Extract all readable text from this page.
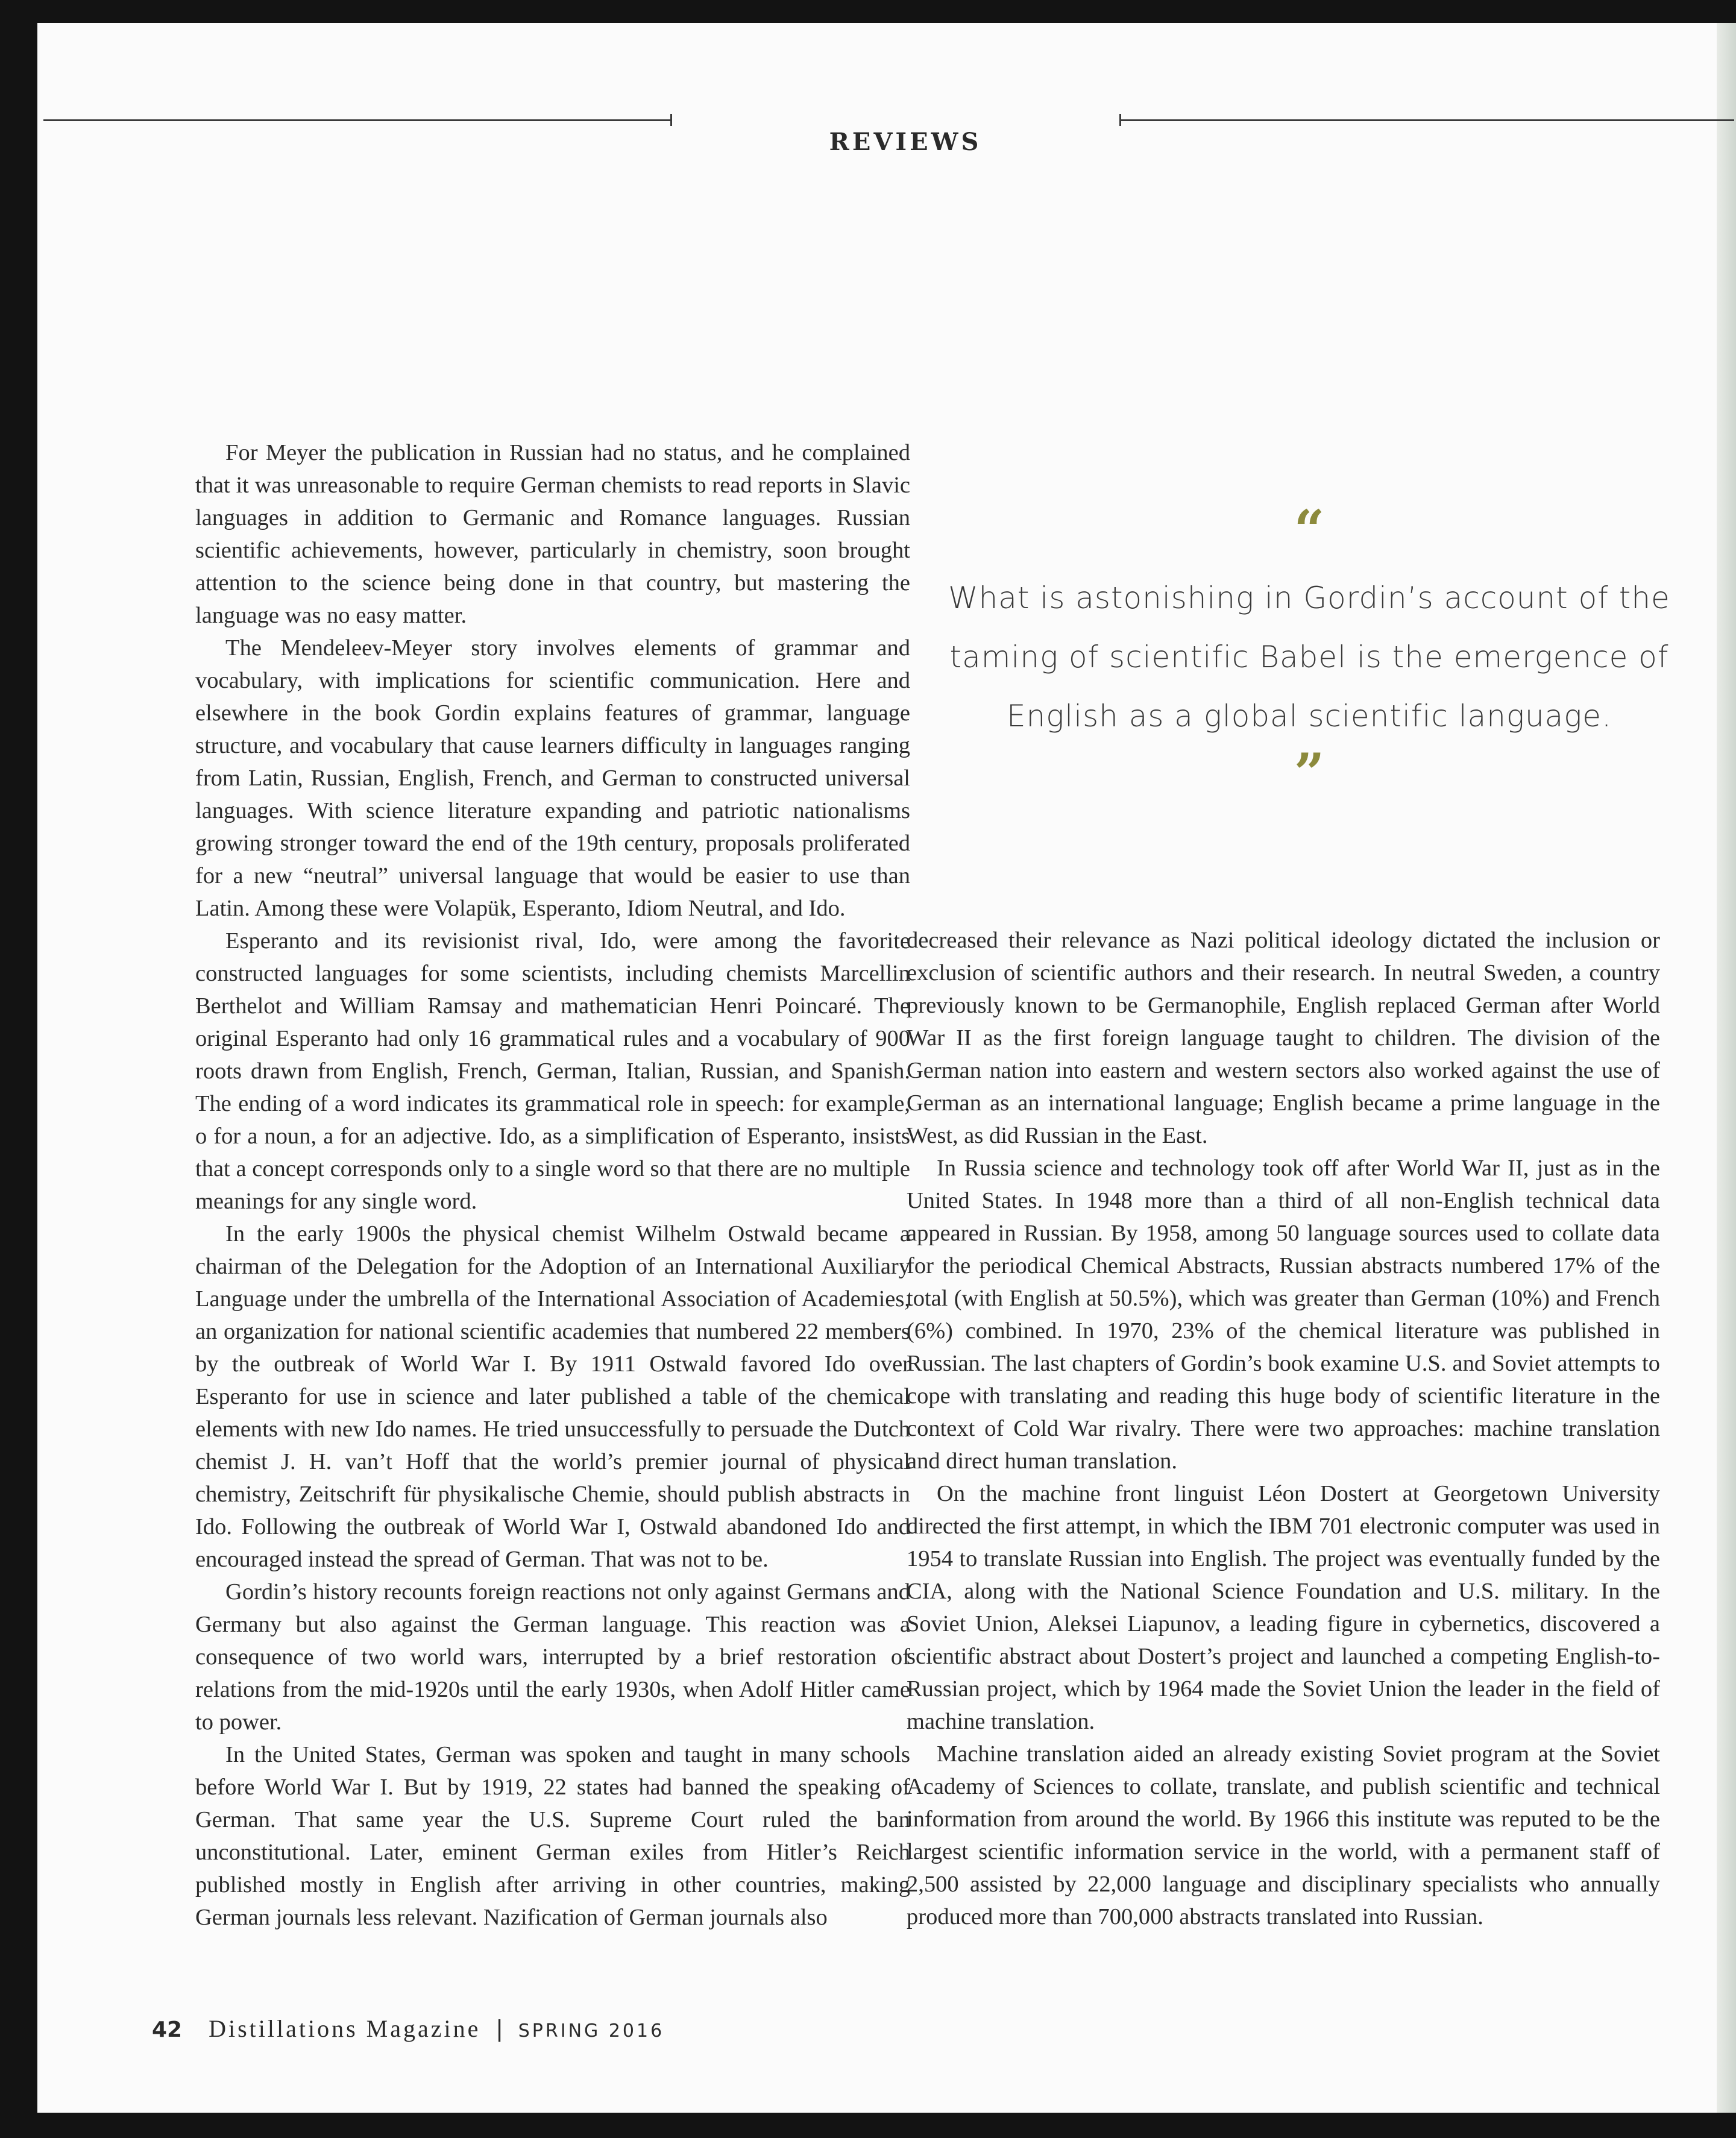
REVIEWS

For Meyer the publication in Russian had no status, and he complained that it was unreasonable to require German chemists to read reports in Slavic languages in addition to Germanic and Romance languages. Russian scientific achievements, however, particularly in chemistry, soon brought attention to the science being done in that country, but mastering the language was no easy matter.

The Mendeleev-Meyer story involves elements of grammar and vocabulary, with implications for scientific communication. Here and elsewhere in the book Gordin explains features of grammar, language structure, and vocabulary that cause learners difficulty in languages ranging from Latin, Russian, English, French, and German to constructed universal languages. With science literature expanding and patriotic nationalisms growing stronger toward the end of the 19th century, proposals proliferated for a new “neutral” universal language that would be easier to use than Latin. Among these were Volapük, Esperanto, Idiom Neutral, and Ido.

Esperanto and its revisionist rival, Ido, were among the favorite constructed languages for some scientists, including chemists Marcellin Berthelot and William Ramsay and mathematician Henri Poincaré. The original Esperanto had only 16 grammatical rules and a vocabulary of 900 roots drawn from English, French, German, Italian, Russian, and Spanish. The ending of a word indicates its grammatical role in speech: for example, o for a noun, a for an adjective. Ido, as a simplification of Esperanto, insists that a concept corresponds only to a single word so that there are no multiple meanings for any single word.

In the early 1900s the physical chemist Wilhelm Ostwald became a chairman of the Delegation for the Adoption of an International Auxiliary Language under the umbrella of the International Association of Academies, an organization for national scientific academies that numbered 22 members by the outbreak of World War I. By 1911 Ostwald favored Ido over Esperanto for use in science and later published a table of the chemical elements with new Ido names. He tried unsuccessfully to persuade the Dutch chemist J. H. van’t Hoff that the world’s premier journal of physical chemistry, Zeitschrift für physikalische Chemie, should publish abstracts in Ido. Following the outbreak of World War I, Ostwald abandoned Ido and encouraged instead the spread of German. That was not to be.

Gordin’s history recounts foreign reactions not only against Germans and Germany but also against the German language. This reaction was a consequence of two world wars, interrupted by a brief restoration of relations from the mid-1920s until the early 1930s, when Adolf Hitler came to power.

In the United States, German was spoken and taught in many schools before World War I. But by 1919, 22 states had banned the speaking of German. That same year the U.S. Supreme Court ruled the ban unconstitutional. Later, eminent German exiles from Hitler’s Reich published mostly in English after arriving in other countries, making German journals less relevant. Nazification of German journals also

“
What is astonishing in Gordin’s account of the taming of scientific Babel is the emergence of English as a global scientific language.
”

decreased their relevance as Nazi political ideology dictated the inclusion or exclusion of scientific authors and their research. In neutral Sweden, a country previously known to be Germanophile, English replaced German after World War II as the first foreign language taught to children. The division of the German nation into eastern and western sectors also worked against the use of German as an international language; English became a prime language in the West, as did Russian in the East.

In Russia science and technology took off after World War II, just as in the United States. In 1948 more than a third of all non-English technical data appeared in Russian. By 1958, among 50 language sources used to collate data for the periodical Chemical Abstracts, Russian abstracts numbered 17% of the total (with English at 50.5%), which was greater than German (10%) and French (6%) combined. In 1970, 23% of the chemical literature was published in Russian. The last chapters of Gordin’s book examine U.S. and Soviet attempts to cope with translating and reading this huge body of scientific literature in the context of Cold War rivalry. There were two approaches: machine translation and direct human translation.

On the machine front linguist Léon Dostert at Georgetown University directed the first attempt, in which the IBM 701 electronic computer was used in 1954 to translate Russian into English. The project was eventually funded by the CIA, along with the National Science Foundation and U.S. military. In the Soviet Union, Aleksei Liapunov, a leading figure in cybernetics, discovered a scientific abstract about Dostert’s project and launched a competing English-to-Russian project, which by 1964 made the Soviet Union the leader in the field of machine translation.

Machine translation aided an already existing Soviet program at the Soviet Academy of Sciences to collate, translate, and publish scientific and technical information from around the world. By 1966 this institute was reputed to be the largest scientific information service in the world, with a permanent staff of 2,500 assisted by 22,000 language and disciplinary specialists who annually produced more than 700,000 abstracts translated into Russian.

42 Distillations Magazine | SPRING 2016
